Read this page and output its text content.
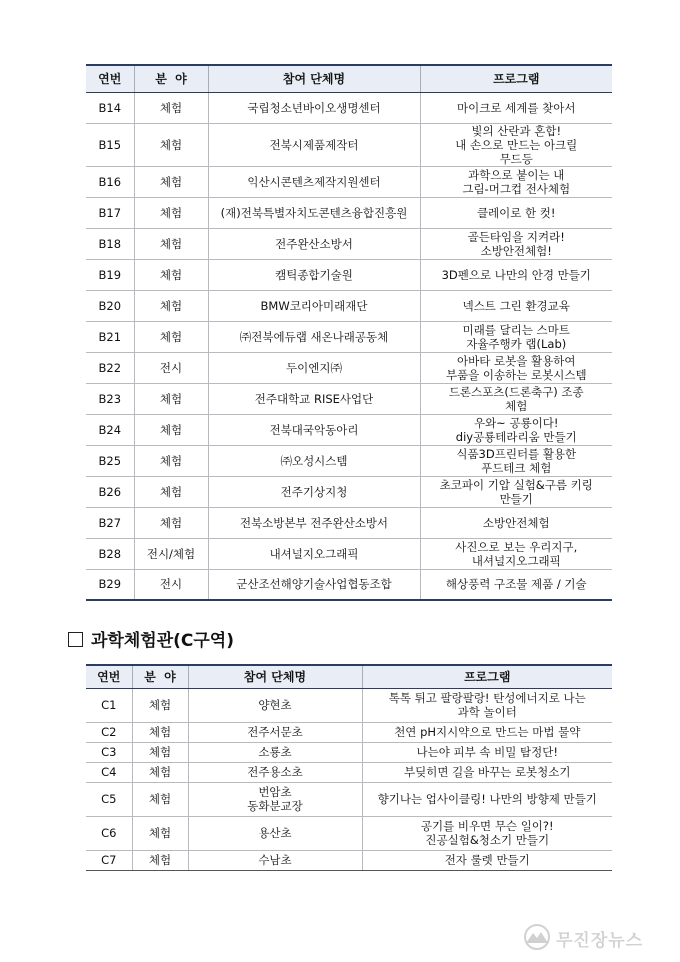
연번	분  야	참여 단체명	프로그램
B14	체험	국립청소년바이오생명센터	마이크로 세계를 찾아서
B15	체험	전북시제품제작터	빛의 산란과 혼합!
내 손으로 만드는 아크릴
무드등
B16	체험	익산시콘텐츠제작지원센터	과학으로 붙이는 내
그림-머그컵 전사체험
B17	체험	(재)전북특별자치도콘텐츠융합진흥원	클레이로 한 컷!
B18	체험	전주완산소방서	골든타임을 지켜라!
소방안전체험!
B19	체험	캠틱종합기술원	3D펜으로 나만의 안경 만들기
B20	체험	BMW코리아미래재단	넥스트 그린 환경교육
B21	체험	㈜전북에듀랩 새온나래공동체	미래를 달리는 스마트
자율주행카 랩(Lab)
B22	전시	두이엔지㈜	아바타 로봇을 활용하여
부품을 이송하는 로봇시스템
B23	체험	전주대학교 RISE사업단	드론스포츠(드론축구) 조종
체험
B24	체험	전북대국악동아리	우와~ 공룡이다!
diy공룡테라리움 만들기
B25	체험	㈜오성시스템	식품3D프린터를 활용한
푸드테크 체험
B26	체험	전주기상지청	초코파이 기압 실험&구름 키링
만들기
B27	체험	전북소방본부 전주완산소방서	소방안전체험
B28	전시/체험	내셔널지오그래픽	사진으로 보는 우리지구,
내셔널지오그래픽
B29	전시	군산조선해양기술사업협동조합	해상풍력 구조물 제품 / 기술
과학체험관(C구역)
연번	분  야	참여 단체명	프로그램
C1	체험	양현초	톡톡 튀고 팔랑팔랑! 탄성에너지로 나는
과학 놀이터
C2	체험	전주서문초	천연 pH지시약으로 만드는 마법 물약
C3	체험	소룡초	나는야 피부 속 비밀 탐정단!
C4	체험	전주용소초	부딪히면 길을 바꾸는 로봇청소기
C5	체험	번암초
동화분교장	향기나는 업사이클링! 나만의 방향제 만들기
C6	체험	용산초	공기를 비우면 무슨 일이?!
진공실험&청소기 만들기
C7	체험	수남초	전자 룰렛 만들기
무진장뉴스
